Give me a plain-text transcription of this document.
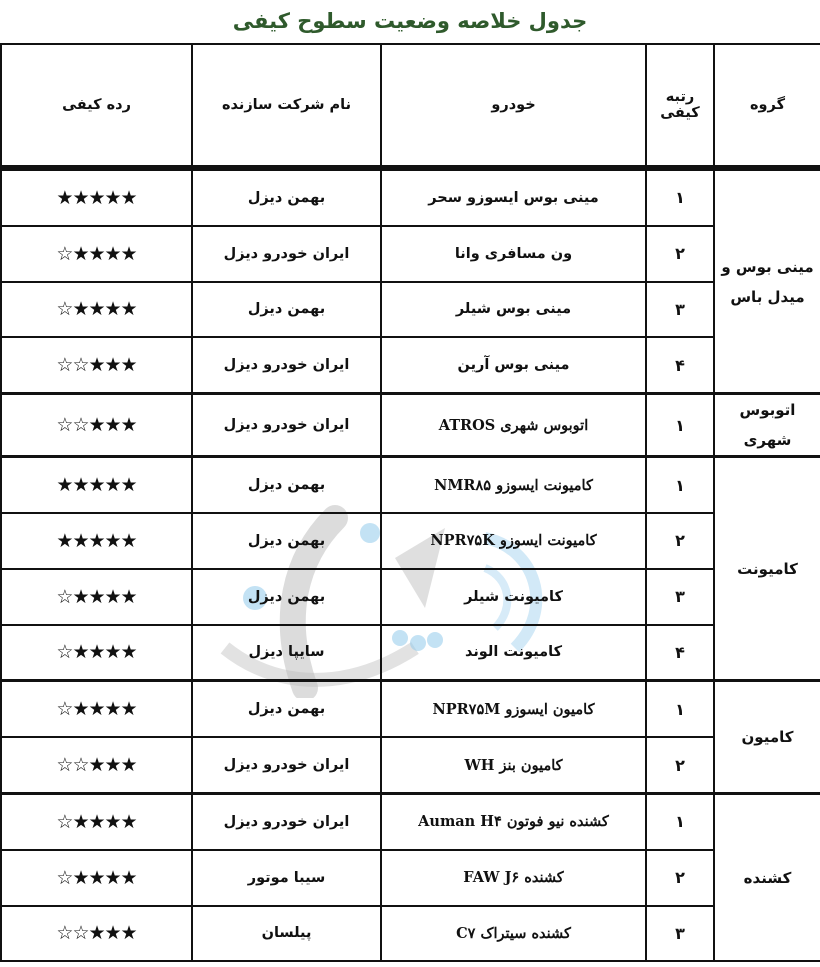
جدول خلاصه وضعیت سطوح کیفی
گروه	رتبه کیفی	خودرو	نام شرکت سازنده	رده کیفی
مینی بوس و میدل باس	۱	مینی بوس ایسوزو سحر	بهمن دیزل	★★★★★
	۲	ون مسافری وانا	ایران خودرو دیزل	★★★★☆
	۳	مینی بوس شیلر	بهمن دیزل	★★★★☆
	۴	مینی بوس آرین	ایران خودرو دیزل	★★★☆☆
اتوبوس شهری	۱	اتوبوس شهری ATROS	ایران خودرو دیزل	★★★☆☆
کامیونت	۱	کامیونت ایسوزو NMR۸۵	بهمن دیزل	★★★★★
	۲	کامیونت ایسوزو NPR۷۵K	بهمن دیزل	★★★★★
	۳	کامیونت شیلر	بهمن دیزل	★★★★☆
	۴	کامیونت الوند	سایپا دیزل	★★★★☆
کامیون	۱	کامیون ایسوزو NPR۷۵M	بهمن دیزل	★★★★☆
	۲	کامیون بنز WH	ایران خودرو دیزل	★★★☆☆
کشنده	۱	کشنده نیو فوتون Auman H۴	ایران خودرو دیزل	★★★★☆
	۲	کشنده FAW J۶	سیبا موتور	★★★★☆
	۳	کشنده سیتراک C۷	پیلسان	★★★☆☆
